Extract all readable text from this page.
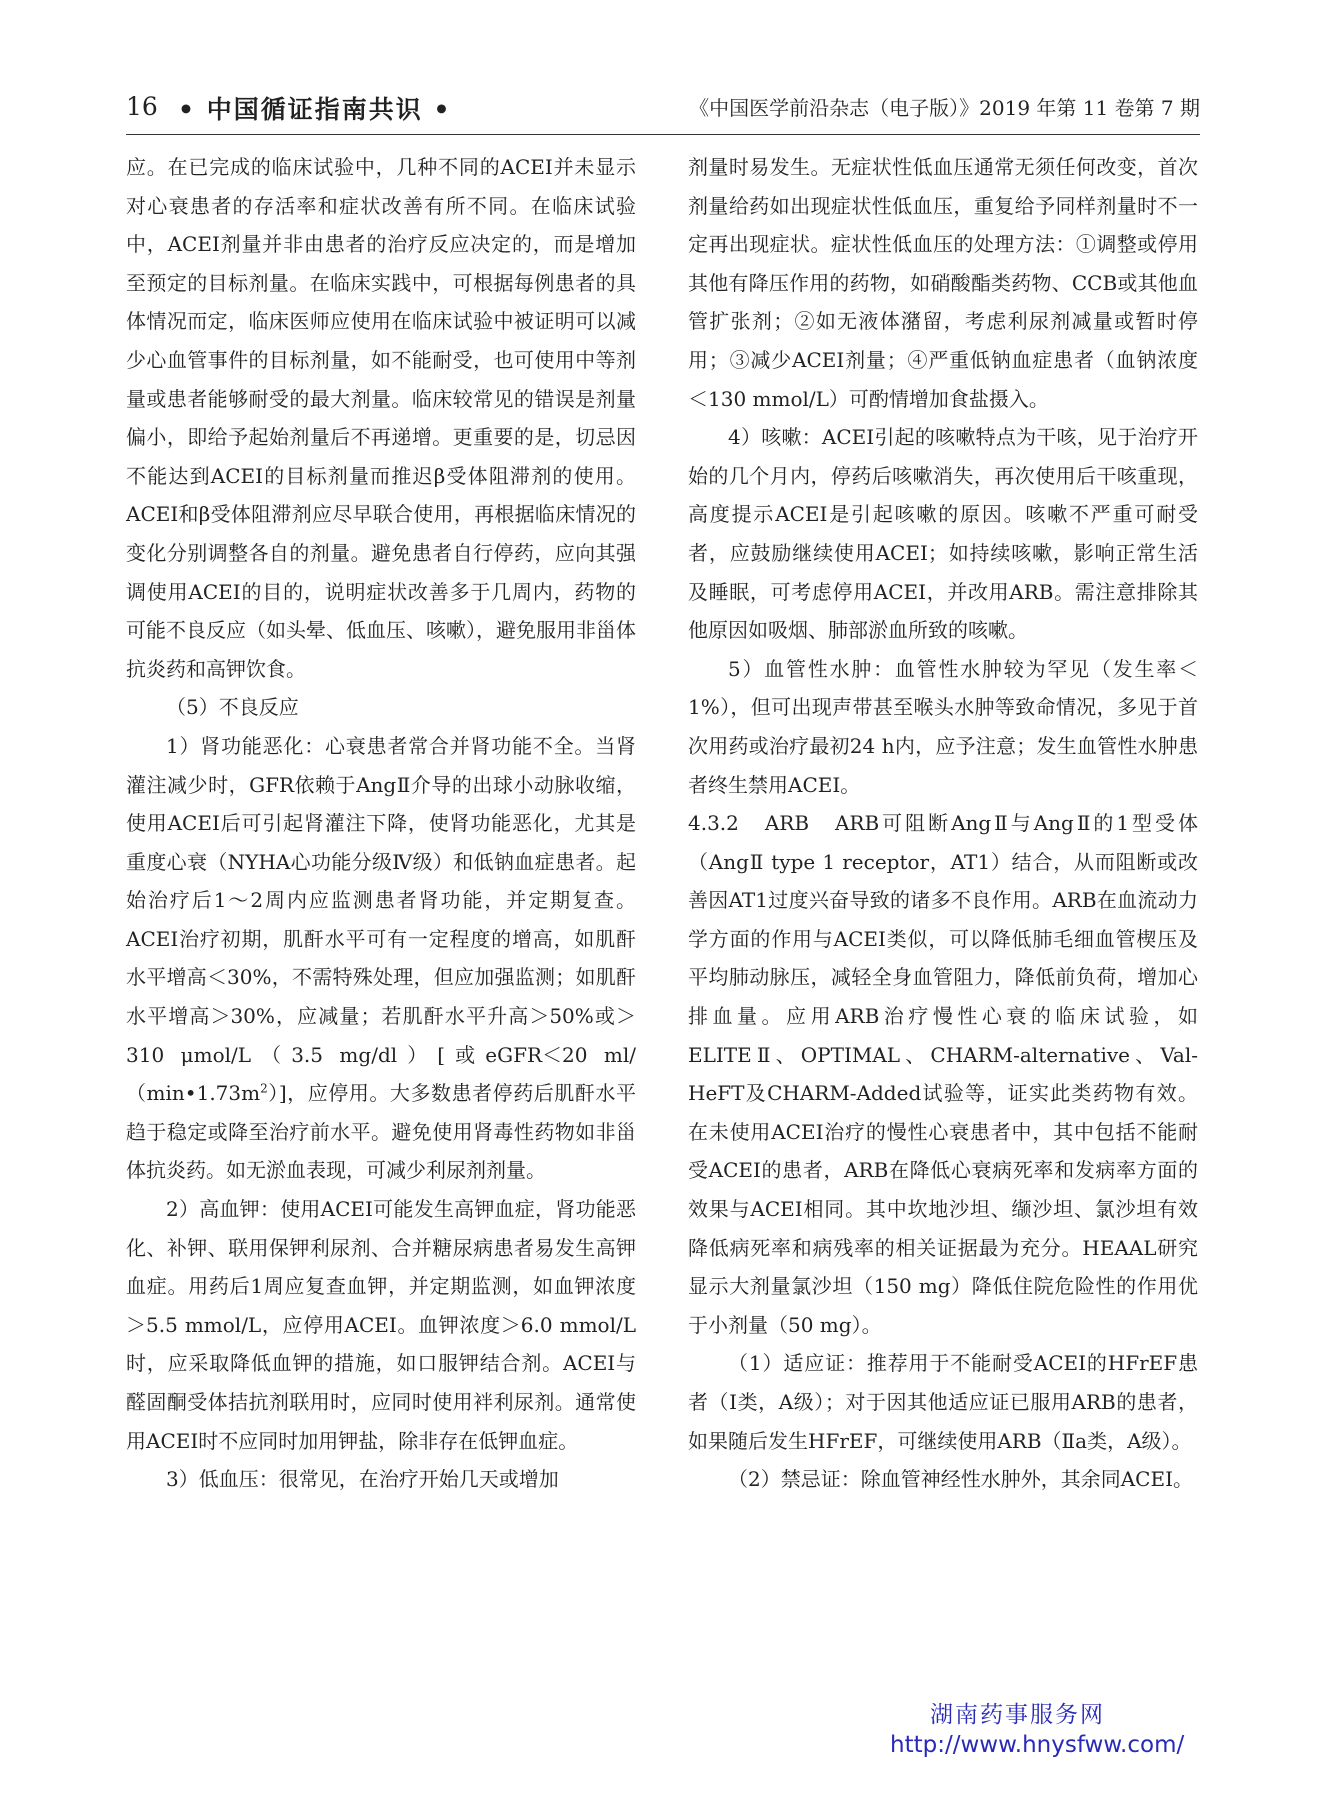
16 • 中国循证指南共识 •	《中国医学前沿杂志（电子版）》2019 年第 11 卷第 7 期

应。在已完成的临床试验中，几种不同的ACEI并未显示对心衰患者的存活率和症状改善有所不同。在临床试验中，ACEI剂量并非由患者的治疗反应决定的，而是增加至预定的目标剂量。在临床实践中，可根据每例患者的具体情况而定，临床医师应使用在临床试验中被证明可以减少心血管事件的目标剂量，如不能耐受，也可使用中等剂量或患者能够耐受的最大剂量。临床较常见的错误是剂量偏小，即给予起始剂量后不再递增。更重要的是，切忌因不能达到ACEI的目标剂量而推迟β受体阻滞剂的使用。ACEI和β受体阻滞剂应尽早联合使用，再根据临床情况的变化分别调整各自的剂量。避免患者自行停药，应向其强调使用ACEI的目的，说明症状改善多于几周内，药物的可能不良反应（如头晕、低血压、咳嗽），避免服用非甾体抗炎药和高钾饮食。

（5）不良反应

1）肾功能恶化：心衰患者常合并肾功能不全。当肾灌注减少时，GFR依赖于AngⅡ介导的出球小动脉收缩，使用ACEI后可引起肾灌注下降，使肾功能恶化，尤其是重度心衰（NYHA心功能分级Ⅳ级）和低钠血症患者。起始治疗后1～2周内应监测患者肾功能，并定期复查。ACEI治疗初期，肌酐水平可有一定程度的增高，如肌酐水平增高＜30%，不需特殊处理，但应加强监测；如肌酐水平增高＞30%，应减量；若肌酐水平升高＞50%或＞310 μmol/L（3.5 mg/dl）[或eGFR＜20 $ml/(\min•1.73m^2)$]，应停用。大多数患者停药后肌酐水平趋于稳定或降至治疗前水平。避免使用肾毒性药物如非甾体抗炎药。如无淤血表现，可减少利尿剂剂量。

2）高血钾：使用ACEI可能发生高钾血症，肾功能恶化、补钾、联用保钾利尿剂、合并糖尿病患者易发生高钾血症。用药后1周应复查血钾，并定期监测，如血钾浓度＞5.5 mmol/L，应停用ACEI。血钾浓度＞6.0 mmol/L时，应采取降低血钾的措施，如口服钾结合剂。ACEI与醛固酮受体拮抗剂联用时，应同时使用袢利尿剂。通常使用ACEI时不应同时加用钾盐，除非存在低钾血症。

3）低血压：很常见，在治疗开始几天或增加

剂量时易发生。无症状性低血压通常无须任何改变，首次剂量给药如出现症状性低血压，重复给予同样剂量时不一定再出现症状。症状性低血压的处理方法：①调整或停用其他有降压作用的药物，如硝酸酯类药物、CCB或其他血管扩张剂；②如无液体潴留，考虑利尿剂减量或暂时停用；③减少ACEI剂量；④严重低钠血症患者（血钠浓度＜130 mmol/L）可酌情增加食盐摄入。

4）咳嗽：ACEI引起的咳嗽特点为干咳，见于治疗开始的几个月内，停药后咳嗽消失，再次使用后干咳重现，高度提示ACEI是引起咳嗽的原因。咳嗽不严重可耐受者，应鼓励继续使用ACEI；如持续咳嗽，影响正常生活及睡眠，可考虑停用ACEI，并改用ARB。需注意排除其他原因如吸烟、肺部淤血所致的咳嗽。

5）血管性水肿：血管性水肿较为罕见（发生率＜1%），但可出现声带甚至喉头水肿等致命情况，多见于首次用药或治疗最初24 h内，应予注意；发生血管性水肿患者终生禁用ACEI。

4.3.2　ARB　ARB可阻断AngⅡ与AngⅡ的1型受体（AngⅡ type 1 receptor，AT1）结合，从而阻断或改善因AT1过度兴奋导致的诸多不良作用。ARB在血流动力学方面的作用与ACEI类似，可以降低肺毛细血管楔压及平均肺动脉压，减轻全身血管阻力，降低前负荷，增加心排血量。应用ARB治疗慢性心衰的临床试验，如ELITEⅡ、OPTIMAL、CHARM-alternative、Val-HeFT及CHARM-Added试验等，证实此类药物有效。在未使用ACEI治疗的慢性心衰患者中，其中包括不能耐受ACEI的患者，ARB在降低心衰病死率和发病率方面的效果与ACEI相同。其中坎地沙坦、缬沙坦、氯沙坦有效降低病死率和病残率的相关证据最为充分。HEAAL研究显示大剂量氯沙坦（150 mg）降低住院危险性的作用优于小剂量（50 mg）。

（1）适应证：推荐用于不能耐受ACEI的HFrEF患者（Ⅰ类，A级）；对于因其他适应证已服用ARB的患者，如果随后发生HFrEF，可继续使用ARB（Ⅱa类，A级）。

（2）禁忌证：除血管神经性水肿外，其余同ACEI。

湖南药事服务网
http://www.hnysfww.com/
